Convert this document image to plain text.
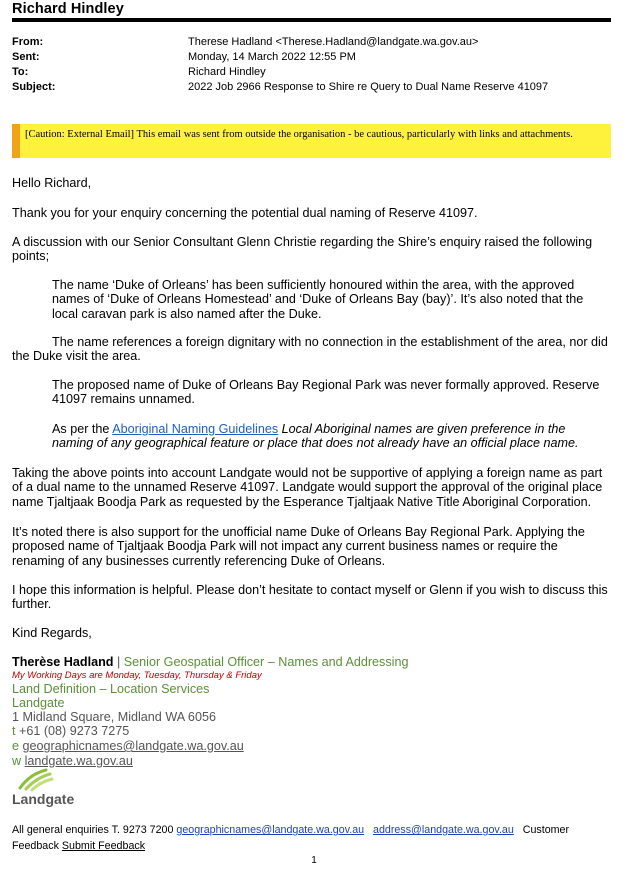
Richard Hindley
From:	Therese Hadland <Therese.Hadland@landgate.wa.gov.au>
Sent:	Monday, 14 March 2022 12:55 PM
To:	Richard Hindley
Subject:	2022 Job 2966 Response to Shire re Query to Dual Name Reserve 41097
[Caution: External Email] This email was sent from outside the organisation - be cautious, particularly with links and attachments.
Hello Richard,
Thank you for your enquiry concerning the potential dual naming of Reserve 41097.
A discussion with our Senior Consultant Glenn Christie regarding the Shire’s enquiry raised the following points;
The name ‘Duke of Orleans’ has been sufficiently honoured within the area, with the approved names of ‘Duke of Orleans Homestead’ and ‘Duke of Orleans Bay (bay)’. It’s also noted that the local caravan park is also named after the Duke.
The name references a foreign dignitary with no connection in the establishment of the area, nor did the Duke visit the area.
The proposed name of Duke of Orleans Bay Regional Park was never formally approved. Reserve 41097 remains unnamed.
As per the Aboriginal Naming Guidelines Local Aboriginal names are given preference in the naming of any geographical feature or place that does not already have an official place name.
Taking the above points into account Landgate would not be supportive of applying a foreign name as part of a dual name to the unnamed Reserve 41097. Landgate would support the approval of the original place name Tjaltjaak Boodja Park as requested by the Esperance Tjaltjaak Native Title Aboriginal Corporation.
It’s noted there is also support for the unofficial name Duke of Orleans Bay Regional Park. Applying the proposed name of Tjaltjaak Boodja Park will not impact any current business names or require the renaming of any businesses currently referencing Duke of Orleans.
I hope this information is helpful. Please don’t hesitate to contact myself or Glenn if you wish to discuss this further.
Kind Regards,
Therèse Hadland | Senior Geospatial Officer – Names and Addressing
My Working Days are Monday, Tuesday, Thursday & Friday
Land Definition – Location Services
Landgate
1 Midland Square, Midland WA 6056
t +61 (08) 9273 7275
e geographicnames@landgate.wa.gov.au
w landgate.wa.gov.au
Landgate
All general enquiries T. 9273 7200 geographicnames@landgate.wa.gov.au address@landgate.wa.gov.au Customer Feedback Submit Feedback
1
